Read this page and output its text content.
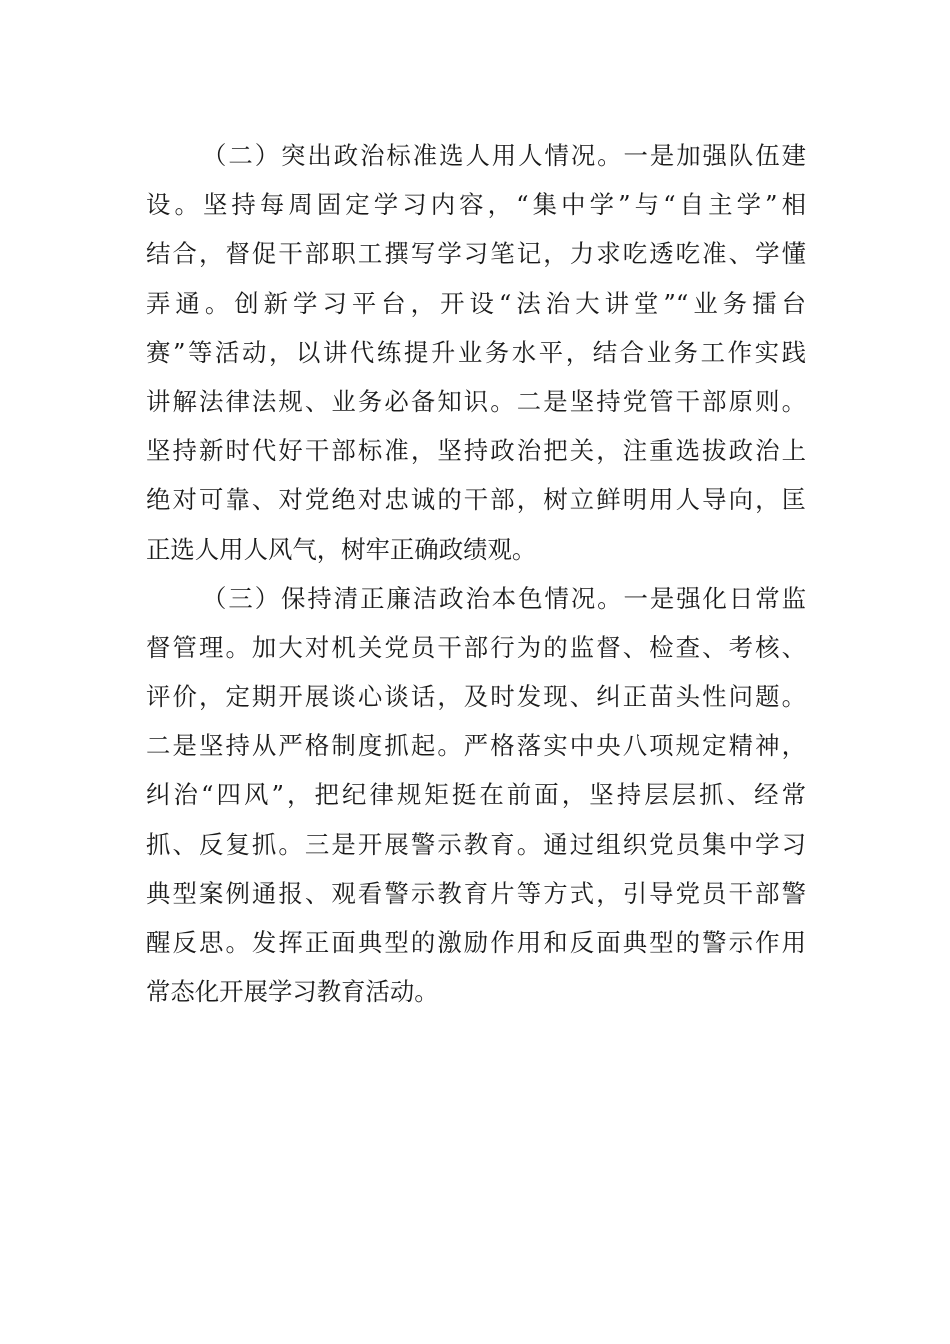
（二）突出政治标准选人用人情况。一是加强队伍建
设。坚持每周固定学习内容，“集中学”与“自主学”相
结合，督促干部职工撰写学习笔记，力求吃透吃准、学懂
弄通。创新学习平台，开设“法治大讲堂”“业务擂台
赛”等活动，以讲代练提升业务水平，结合业务工作实践
讲解法律法规、业务必备知识。二是坚持党管干部原则。
坚持新时代好干部标准，坚持政治把关，注重选拔政治上
绝对可靠、对党绝对忠诚的干部，树立鲜明用人导向，匡
正选人用人风气，树牢正确政绩观。
（三）保持清正廉洁政治本色情况。一是强化日常监
督管理。加大对机关党员干部行为的监督、检查、考核、
评价，定期开展谈心谈话，及时发现、纠正苗头性问题。
二是坚持从严格制度抓起。严格落实中央八项规定精神，
纠治“四风”，把纪律规矩挺在前面，坚持层层抓、经常
抓、反复抓。三是开展警示教育。通过组织党员集中学习
典型案例通报、观看警示教育片等方式，引导党员干部警
醒反思。发挥正面典型的激励作用和反面典型的警示作用
常态化开展学习教育活动。
